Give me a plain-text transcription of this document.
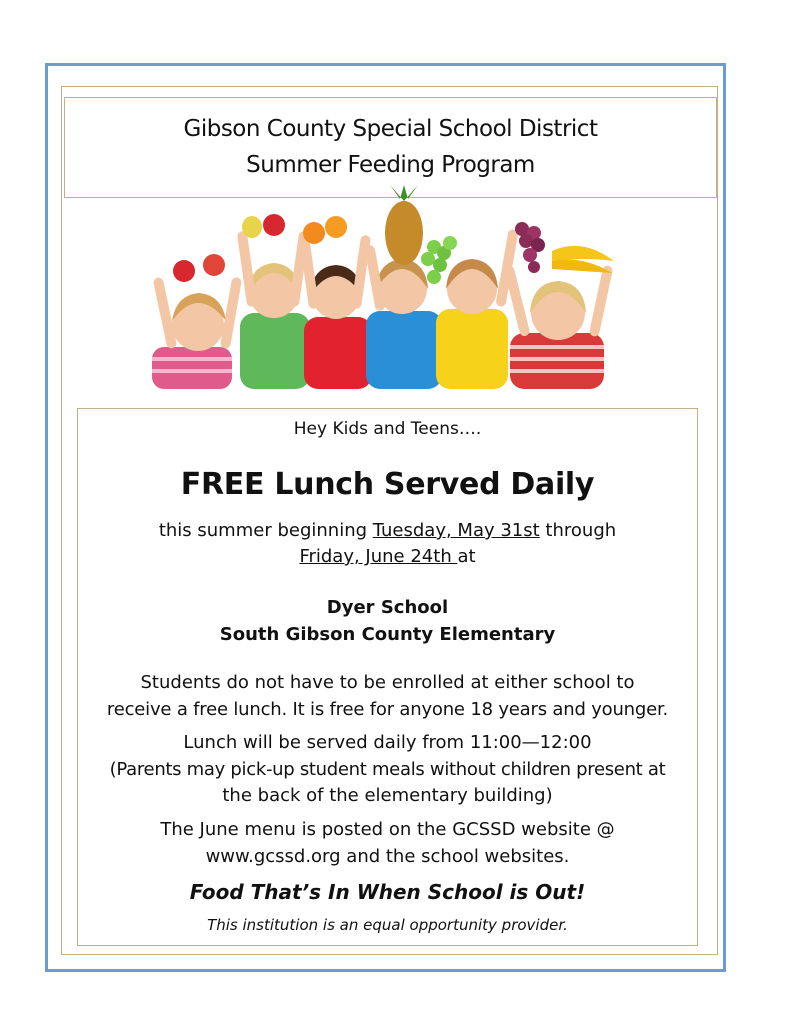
Gibson County Special School District
Summer Feeding Program
Hey Kids and Teens….
FREE Lunch Served Daily
this summer beginning Tuesday, May 31st through
Friday, June 24th at
Dyer School
South Gibson County Elementary
Students do not have to be enrolled at either school to
receive a free lunch. It is free for anyone 18 years and younger.
Lunch will be served daily from 11:00—12:00
(Parents may pick-up student meals without children present at
the back of the elementary building)
The June menu is posted on the GCSSD website @
www.gcssd.org and the school websites.
Food That’s In When School is Out!
This institution is an equal opportunity provider.
